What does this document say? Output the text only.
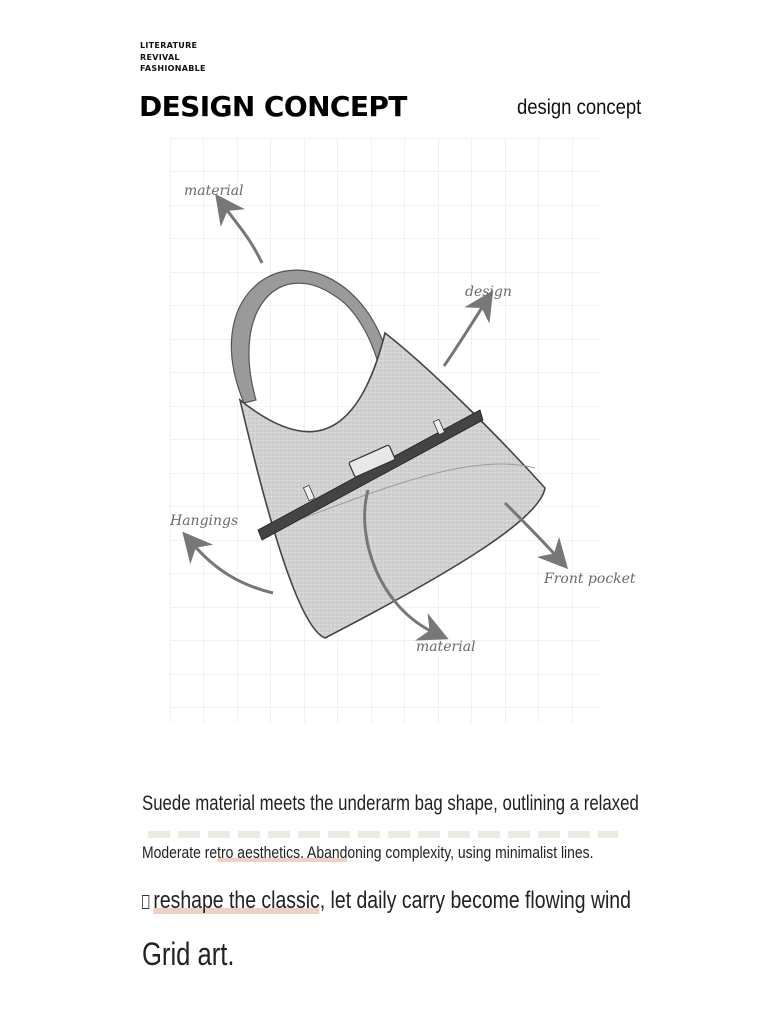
LITERATURE
REVIVAL
FASHIONABLE
DESIGN CONCEPT	design concept
material
design
Hangings
Front pocket
material

Suede material meets the underarm bag shape, outlining a relaxed

Moderate retro aesthetics. Abandoning complexity, using minimalist lines.

reshape the classic, let daily carry become flowing wind

Grid art.
